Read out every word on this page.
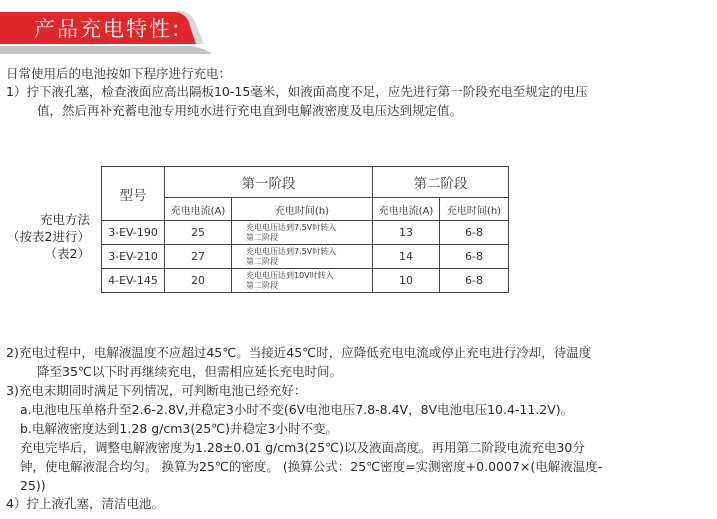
产品充电特性:
日常使用后的电池按如下程序进行充电：
1）拧下液孔塞，检查液面应高出隔板10-15毫米，如液面高度不足，应先进行第一阶段充电至规定的电压
值，然后再补充蓄电池专用纯水进行充电直到电解液密度及电压达到规定值。
充电方法
（按表2进行）
（表2）
型号	第一阶段		第二阶段	
	充电电流(A)	充电时间(h)	充电电流(A)	充电时间(h)
3-EV-190	25	充电电压达到7.5V时转入
第二阶段	13	6-8
3-EV-210	27	充电电压达到7.5V时转入
第二阶段	14	6-8
4-EV-145	20	充电电压达到10V时转入
第二阶段	10	6-8
2)充电过程中，电解液温度不应超过45℃。当接近45℃时，应降低充电电流或停止充电进行冷却，待温度
降至35℃以下时再继续充电，但需相应延长充电时间。
3)充电末期同时满足下列情况，可判断电池已经充好：
a.电池电压单格升至2.6-2.8V,并稳定3小时不变(6V电池电压7.8-8.4V，8V电池电压10.4-11.2V)。
b.电解液密度达到1.28 g/cm3(25℃)并稳定3小时不变。
充电完毕后，调整电解液密度为1.28±0.01 g/cm3(25℃)以及液面高度。再用第二阶段电流充电30分
钟，使电解液混合均匀。 换算为25℃的密度。 (换算公式：25℃密度=实测密度+0.0007×(电解液温度-
25))
4）拧上液孔塞，清洁电池。
